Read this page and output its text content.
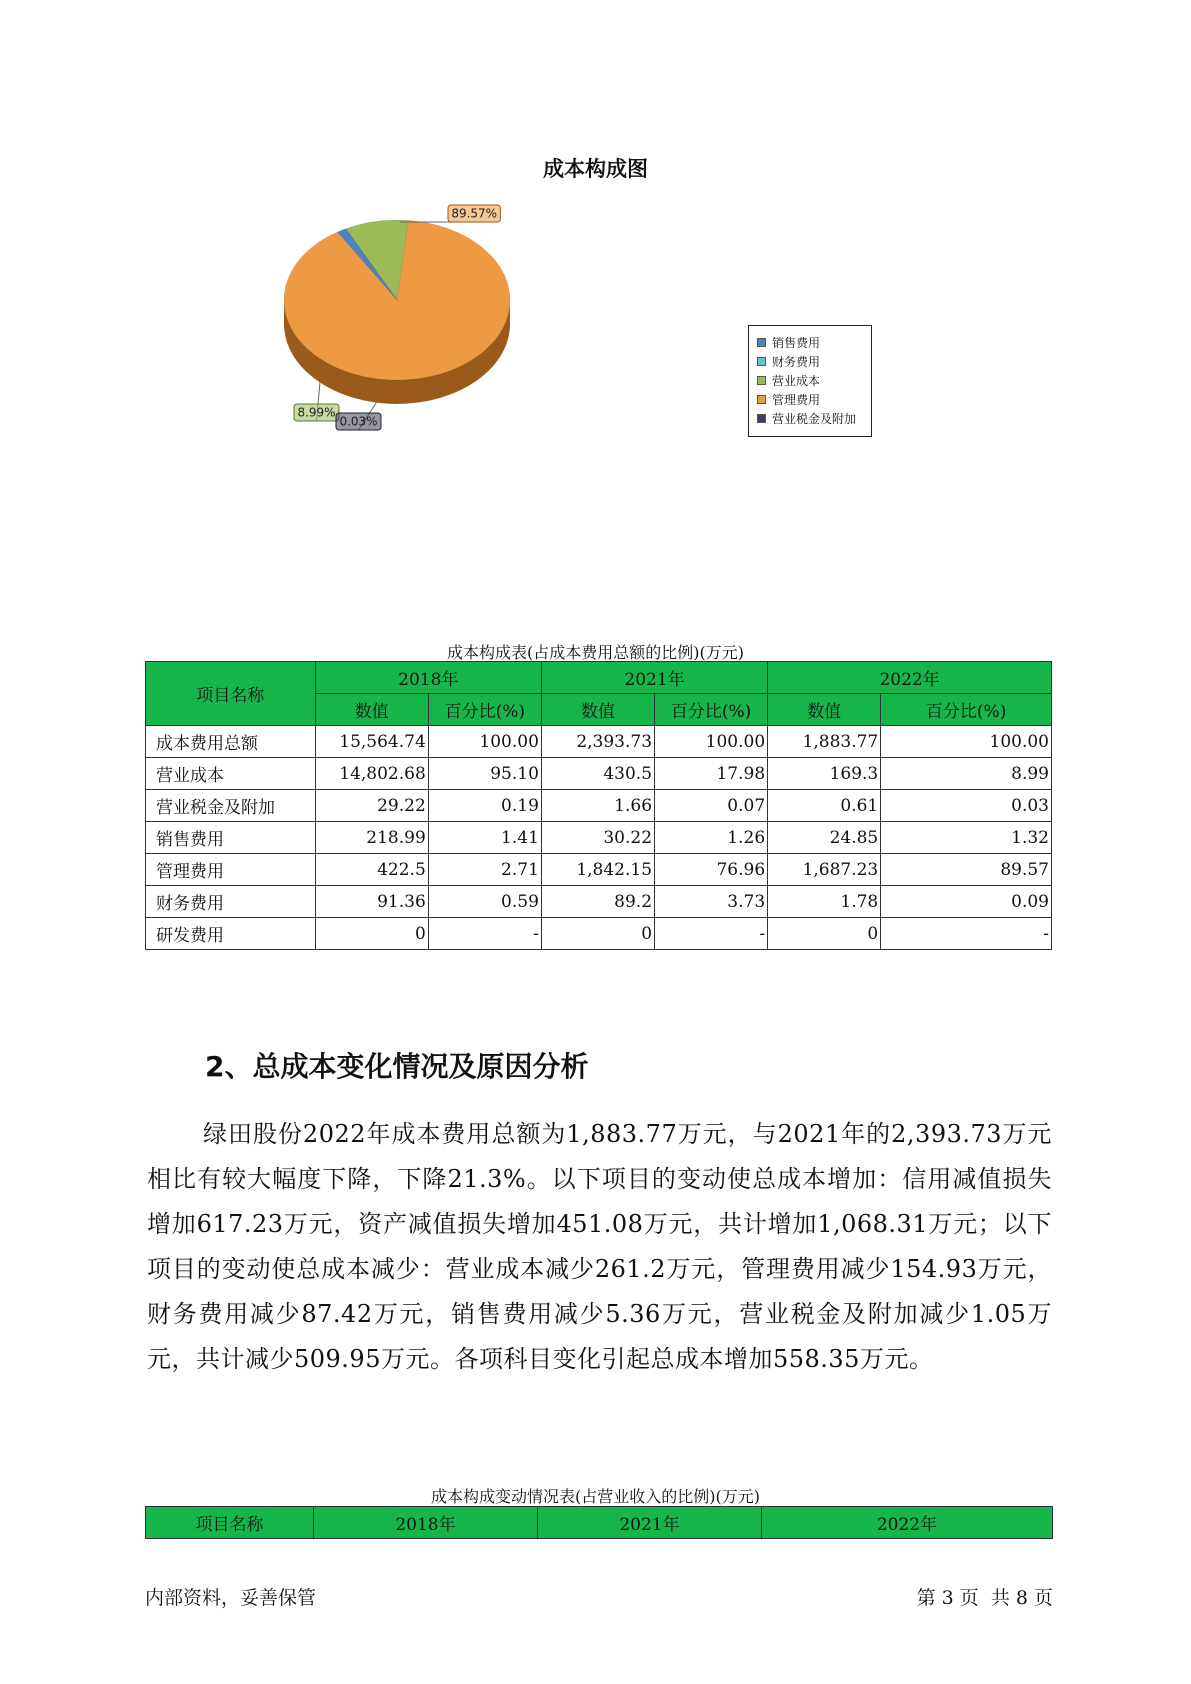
成本构成图
89.57%
8.99%
0.03%
销售费用
财务费用
营业成本
管理费用
营业税金及附加
成本构成表(占成本费用总额的比例)(万元)
项目名称	2018年		2021年		2022年	
	数值	百分比(%)	数值	百分比(%)	数值	百分比(%)
成本费用总额	15,564.74	100.00	2,393.73	100.00	1,883.77	100.00
营业成本	14,802.68	95.10	430.5	17.98	169.3	8.99
营业税金及附加	29.22	0.19	1.66	0.07	0.61	0.03
销售费用	218.99	1.41	30.22	1.26	24.85	1.32
管理费用	422.5	2.71	1,842.15	76.96	1,687.23	89.57
财务费用	91.36	0.59	89.2	3.73	1.78	0.09
研发费用	0	-	0	-	0	-
2、总成本变化情况及原因分析

绿田股份2022年成本费用总额为1,883.77万元，与2021年的2,393.73万元相比有较大幅度下降，下降21.3%。以下项目的变动使总成本增加：信用减值损失增加617.23万元，资产减值损失增加451.08万元，共计增加1,068.31万元；以下项目的变动使总成本减少：营业成本减少261.2万元，管理费用减少154.93万元，财务费用减少87.42万元，销售费用减少5.36万元，营业税金及附加减少1.05万元，共计减少509.95万元。各项科目变化引起总成本增加558.35万元。

成本构成变动情况表(占营业收入的比例)(万元)
项目名称	2018年	2021年	2022年
内部资料，妥善保管	第 3 页  共 8 页
